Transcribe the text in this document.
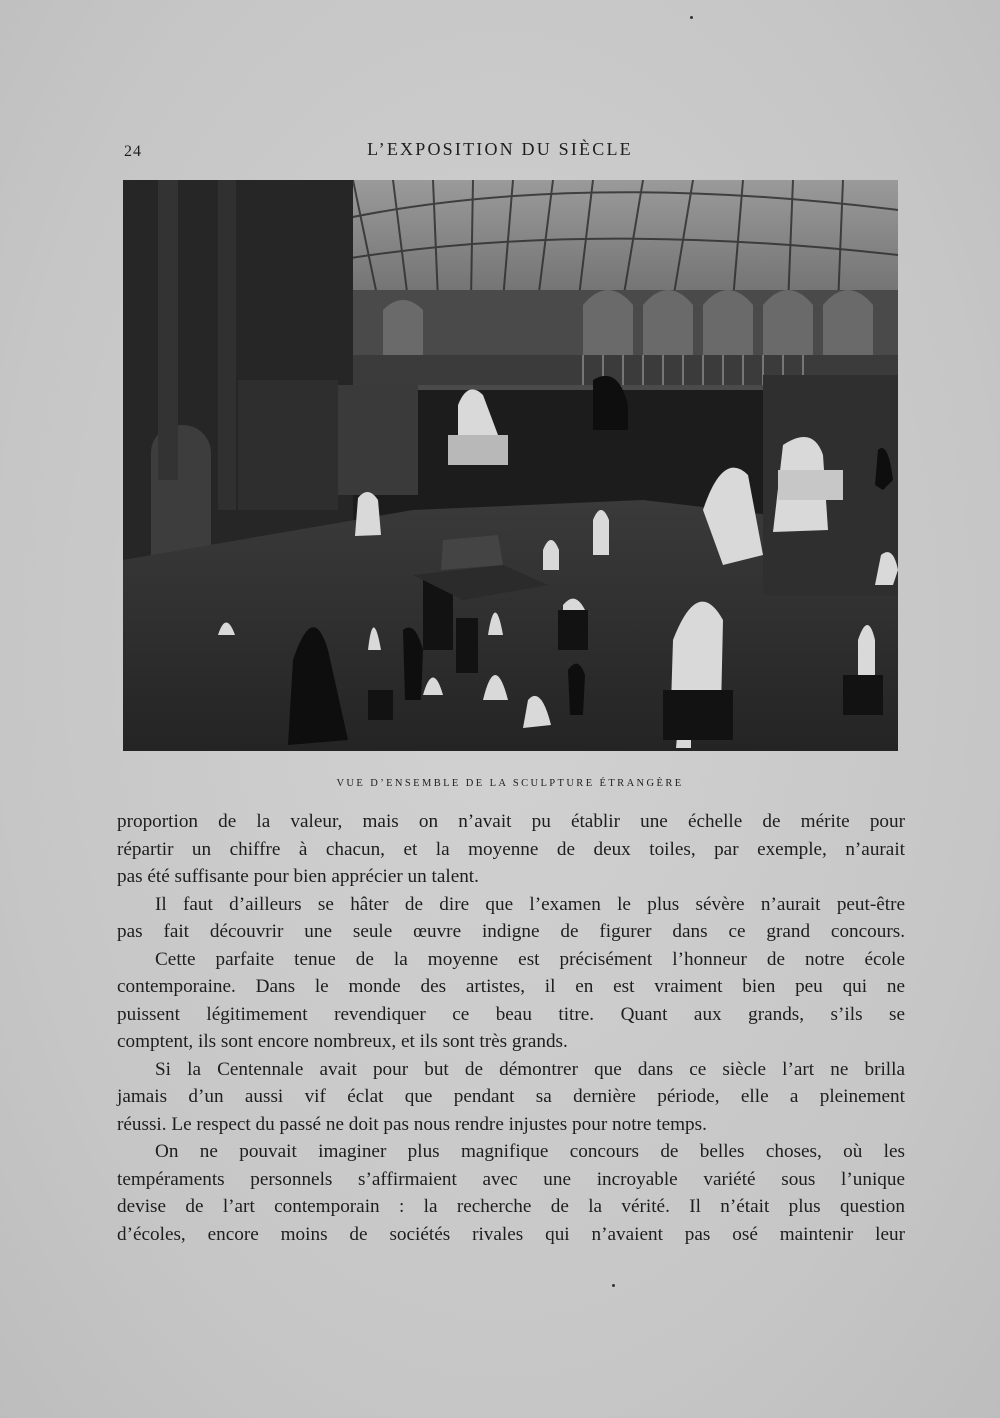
24	L’EXPOSITION DU SIÈCLE
VUE D’ENSEMBLE DE LA SCULPTURE ÉTRANGÈRE
proportion de la valeur, mais on n’avait pu établir une échelle de mérite pour
répartir un chiffre à chacun, et la moyenne de deux toiles, par exemple, n’aurait
pas été suffisante pour bien apprécier un talent.
Il faut d’ailleurs se hâter de dire que l’examen le plus sévère n’aurait peut-être
pas fait découvrir une seule œuvre indigne de figurer dans ce grand concours.
Cette parfaite tenue de la moyenne est précisément l’honneur de notre école
contemporaine. Dans le monde des artistes, il en est vraiment bien peu qui ne
puissent légitimement revendiquer ce beau titre. Quant aux grands, s’ils se
comptent, ils sont encore nombreux, et ils sont très grands.
Si la Centennale avait pour but de démontrer que dans ce siècle l’art ne brilla
jamais d’un aussi vif éclat que pendant sa dernière période, elle a pleinement
réussi. Le respect du passé ne doit pas nous rendre injustes pour notre temps.
On ne pouvait imaginer plus magnifique concours de belles choses, où les
tempéraments personnels s’affirmaient avec une incroyable variété sous l’unique
devise de l’art contemporain : la recherche de la vérité. Il n’était plus question
d’écoles, encore moins de sociétés rivales qui n’avaient pas osé maintenir leur
